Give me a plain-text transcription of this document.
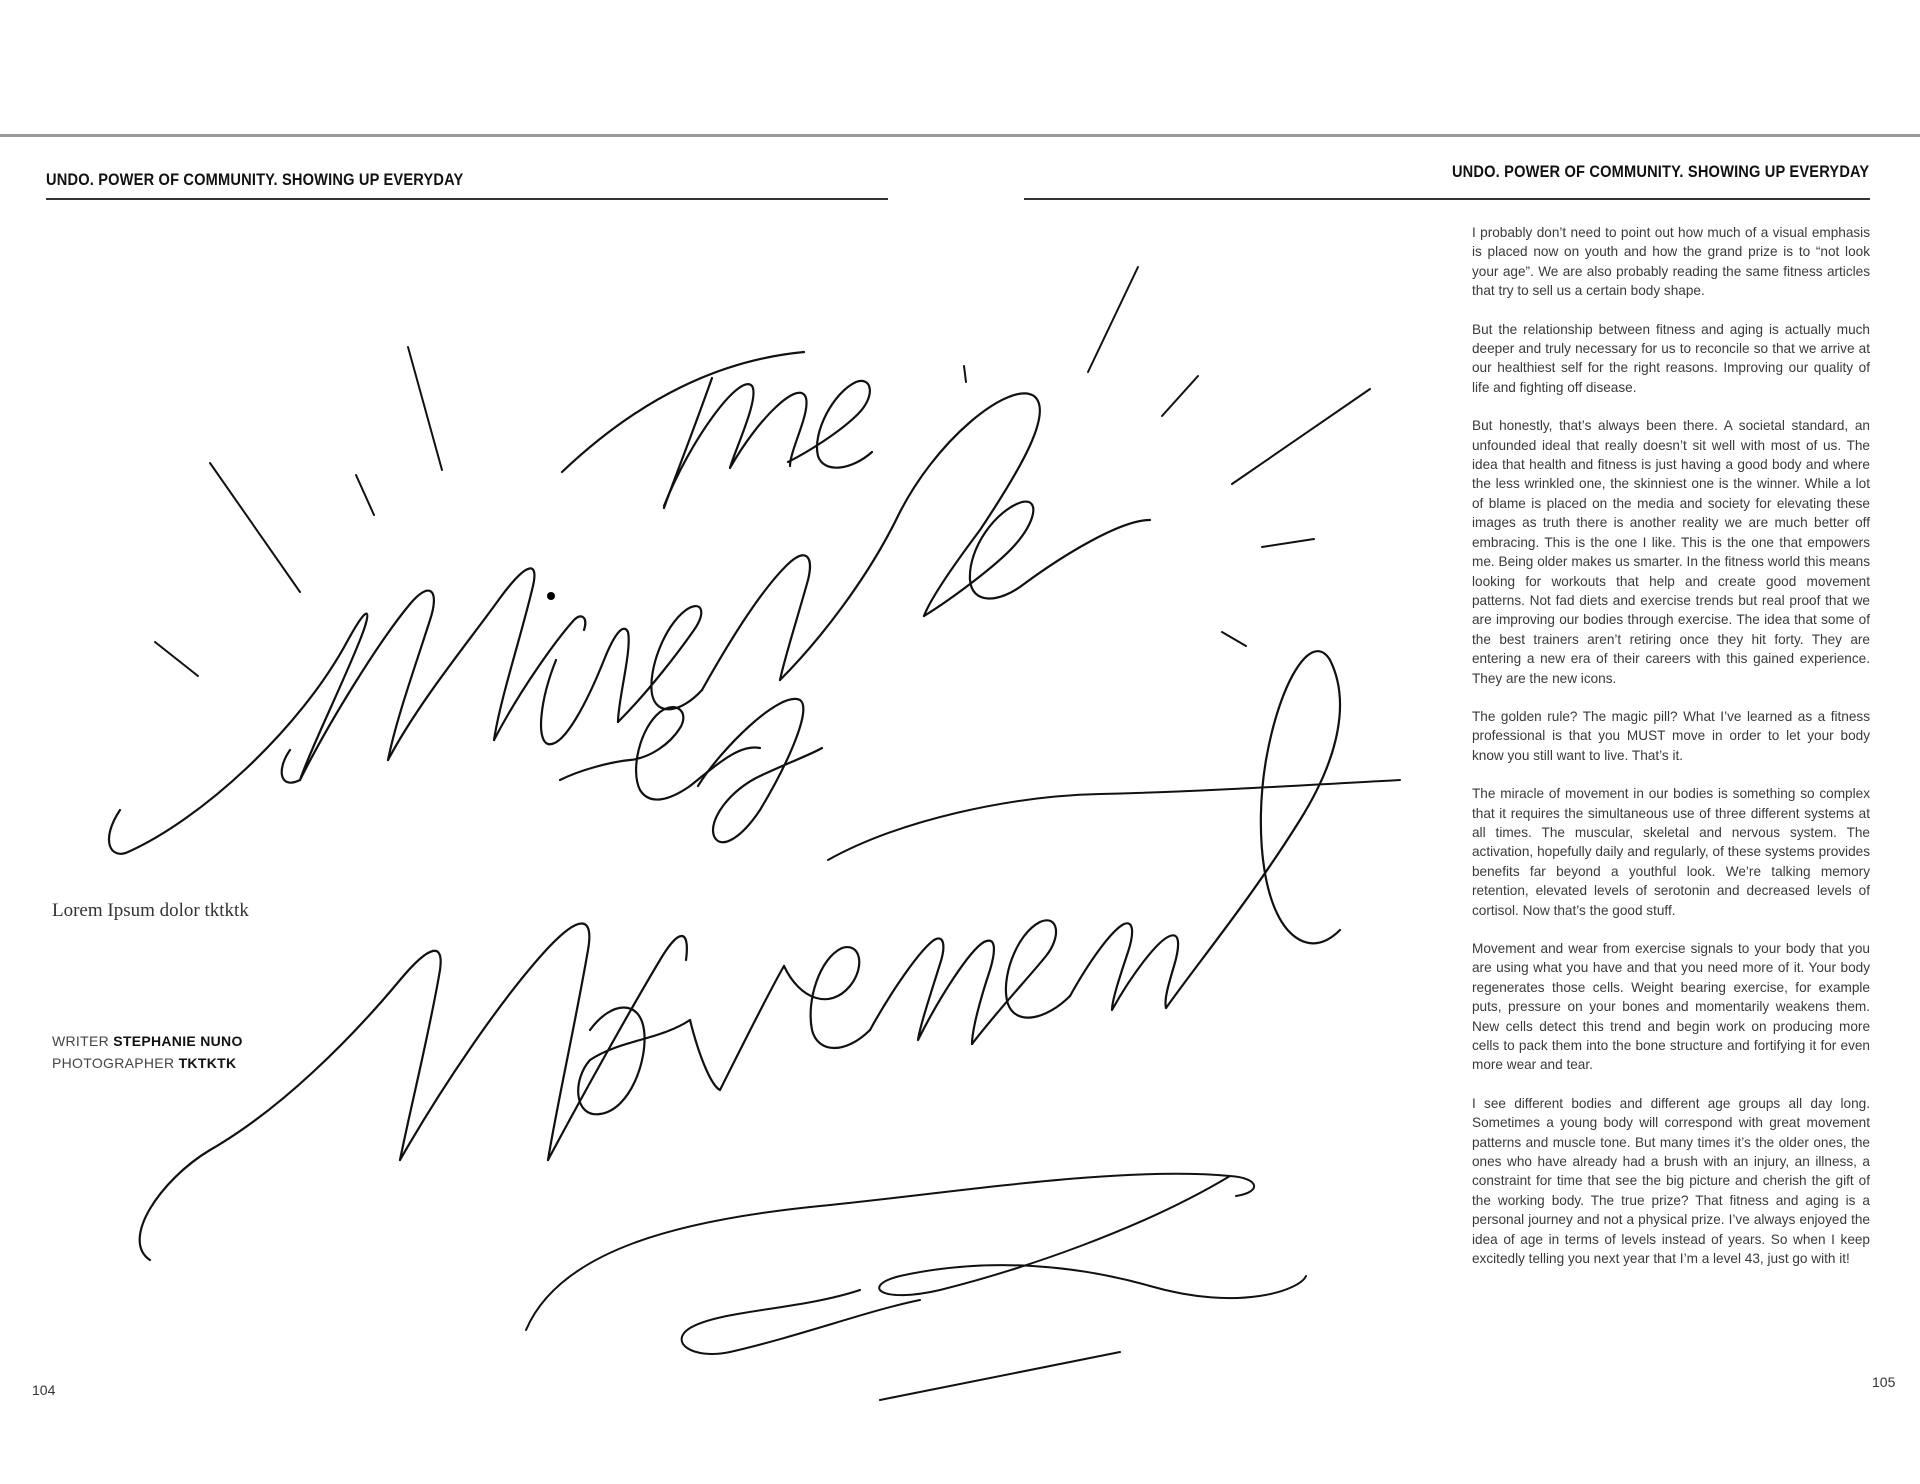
UNDO. POWER OF COMMUNITY. SHOWING UP EVERYDAY	UNDO. POWER OF COMMUNITY. SHOWING UP EVERYDAY
Lorem Ipsum dolor tktktk
WRITER STEPHANIE NUNO
PHOTOGRAPHER TKTKTK

I probably don’t need to point out how much of a visual emphasis is placed now on youth and how the grand prize is to “not look your age”. We are also probably reading the same fitness articles that try to sell us a certain body shape.

But the relationship between fitness and aging is actually much deeper and truly necessary for us to reconcile so that we arrive at our healthiest self for the right reasons. Improving our quality of life and fighting off disease.

But honestly, that’s always been there. A societal standard, an unfounded ideal that really doesn’t sit well with most of us. The idea that health and fitness is just having a good body and where the less wrinkled one, the skinniest one is the winner. While a lot of blame is placed on the media and society for elevating these images as truth there is another reality we are much better off embracing. This is the one I like. This is the one that empowers me. Being older makes us smarter. In the fitness world this means looking for workouts that help and create good movement patterns. Not fad diets and exercise trends but real proof that we are improving our bodies through exercise. The idea that some of the best trainers aren’t retiring once they hit forty. They are entering a new era of their careers with this gained experience. They are the new icons.

The golden rule? The magic pill? What I’ve learned as a fitness professional is that you MUST move in order to let your body know you still want to live. That’s it.

The miracle of movement in our bodies is something so complex that it requires the simultaneous use of three different systems at all times. The muscular, skeletal and nervous system. The activation, hopefully daily and regularly, of these systems provides benefits far beyond a youthful look. We’re talking memory retention, elevated levels of serotonin and decreased levels of cortisol. Now that’s the good stuff.

Movement and wear from exercise signals to your body that you are using what you have and that you need more of it. Your body regenerates those cells. Weight bearing exercise, for example puts, pressure on your bones and momentarily weakens them. New cells detect this trend and begin work on producing more cells to pack them into the bone structure and fortifying it for even more wear and tear.

I see different bodies and different age groups all day long. Sometimes a young body will correspond with great movement patterns and muscle tone. But many times it’s the older ones, the ones who have already had a brush with an injury, an illness, a constraint for time that see the big picture and cherish the gift of the working body. The true prize? That fitness and aging is a personal journey and not a physical prize. I’ve always enjoyed the idea of age in terms of levels instead of years. So when I keep excitedly telling you next year that I’m a level 43, just go with it!

104	105
